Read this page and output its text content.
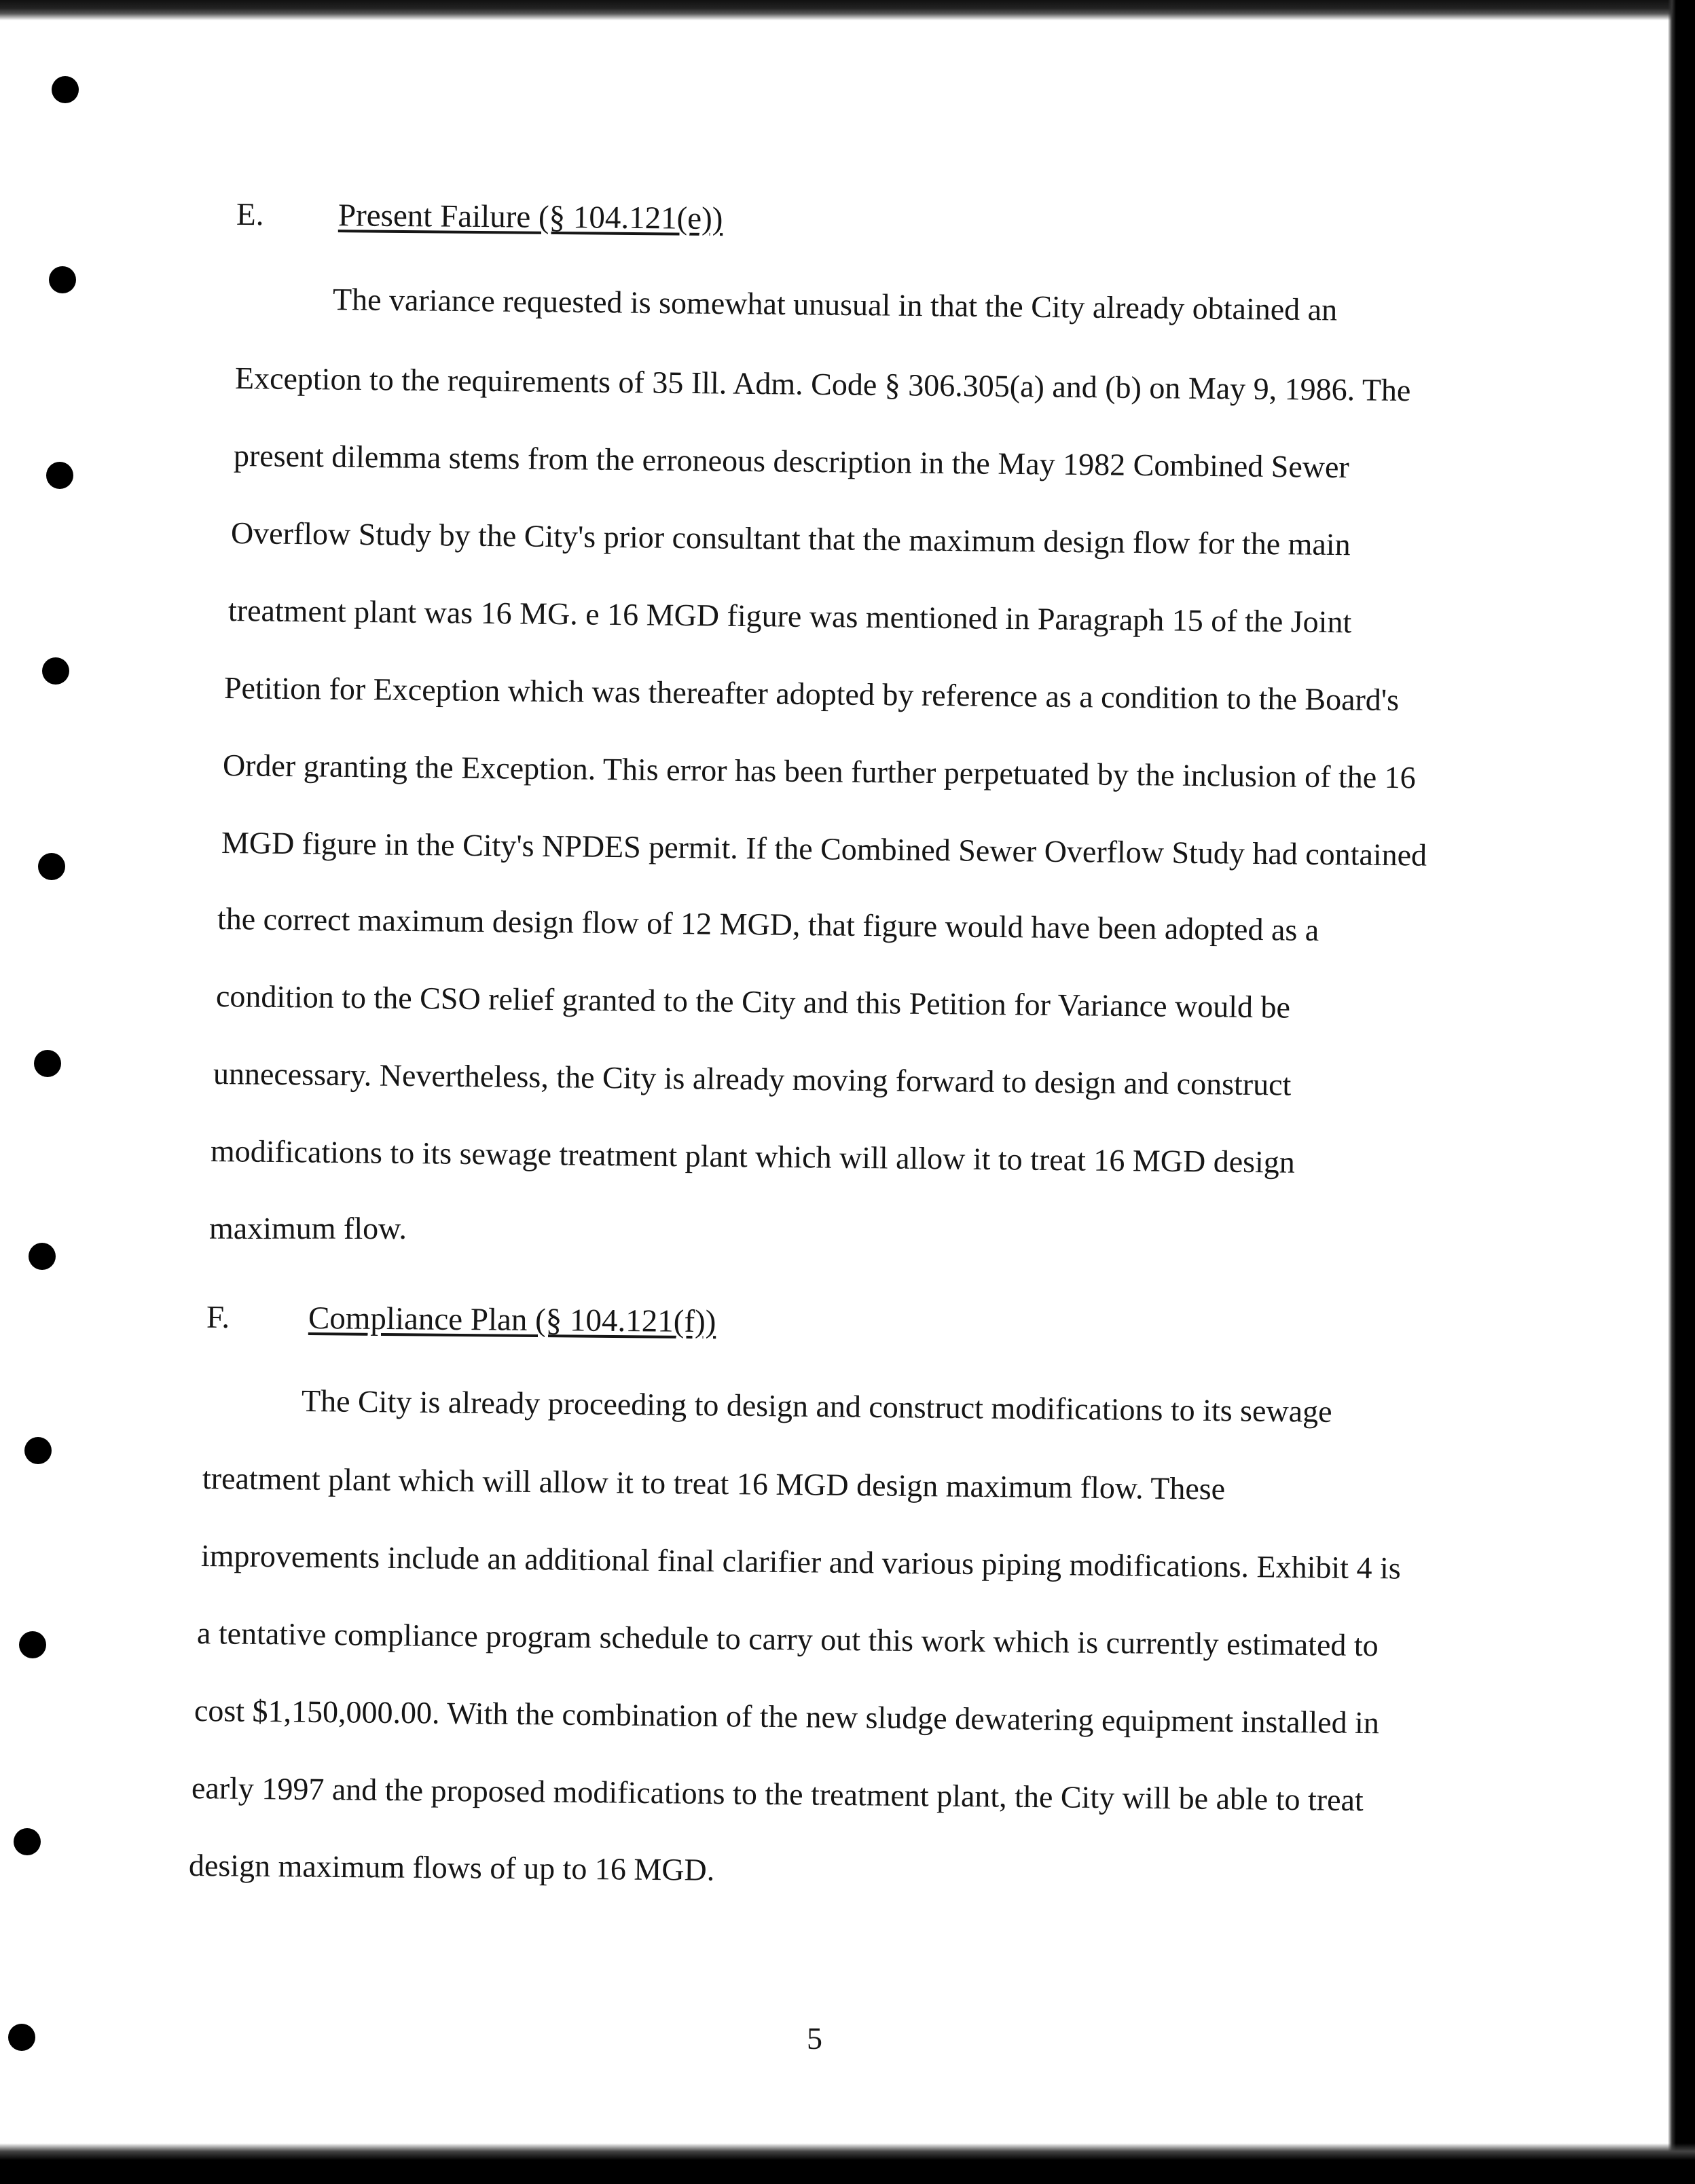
E. Present Failure (§ 104.121(e))
The variance requested is somewhat unusual in that the City already obtained an
Exception to the requirements of 35 Ill. Adm. Code § 306.305(a) and (b) on May 9, 1986. The
present dilemma stems from the erroneous description in the May 1982 Combined Sewer
Overflow Study by the City's prior consultant that the maximum design flow for the main
treatment plant was 16 MG. e 16 MGD figure was mentioned in Paragraph 15 of the Joint
Petition for Exception which was thereafter adopted by reference as a condition to the Board's
Order granting the Exception. This error has been further perpetuated by the inclusion of the 16
MGD figure in the City's NPDES permit. If the Combined Sewer Overflow Study had contained
the correct maximum design flow of 12 MGD, that figure would have been adopted as a
condition to the CSO relief granted to the City and this Petition for Variance would be
unnecessary. Nevertheless, the City is already moving forward to design and construct
modifications to its sewage treatment plant which will allow it to treat 16 MGD design
maximum flow.
F. Compliance Plan (§ 104.121(f))
The City is already proceeding to design and construct modifications to its sewage
treatment plant which will allow it to treat 16 MGD design maximum flow. These
improvements include an additional final clarifier and various piping modifications. Exhibit 4 is
a tentative compliance program schedule to carry out this work which is currently estimated to
cost $1,150,000.00. With the combination of the new sludge dewatering equipment installed in
early 1997 and the proposed modifications to the treatment plant, the City will be able to treat
design maximum flows of up to 16 MGD.
5
